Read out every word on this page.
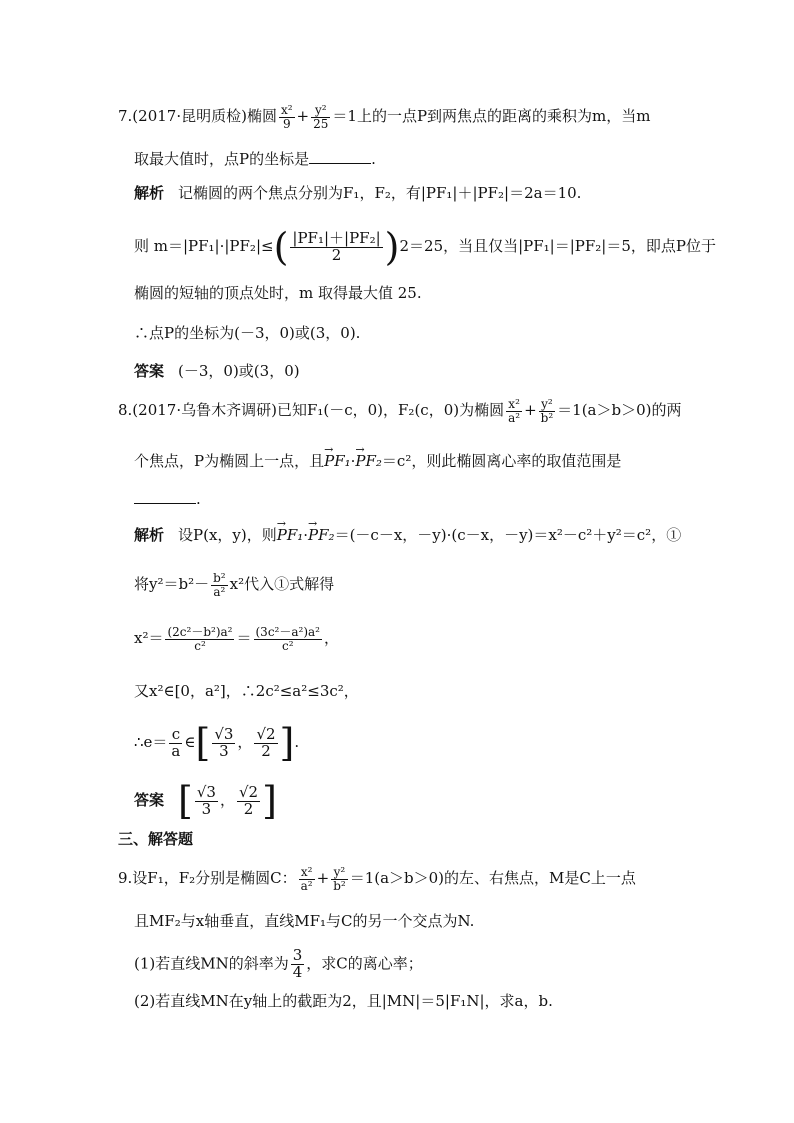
7.(2017·昆明质检)椭圆 $\frac{\text{x²}}{9} + \frac{\text{y²}}{25} =1$上的一点P到两焦点的距离的乘积为m，当m
取最大值时，点P的坐标是	.
解析 记椭圆的两个焦点分别为F₁，F₂，有|PF₁|＋|PF₂|＝2a＝10.
则 $m=|PF_1|\cdot|PF_2|\le( \frac{\text{|PF₁|＋|PF₂|}}{2} )2=25$，当且仅当|PF₁|＝|PF₂|＝5，即点P位于
椭圆的短轴的顶点处时，m 取得最大值 25.
∴点P的坐标为(－3，0)或(3，0).
答案 (－3，0)或(3，0)
8.(2017·乌鲁木齐调研)已知F₁(－c，0)，F₂(c，0)为椭圆 $\frac{\text{x²}}{\text{a²}} + \frac{\text{y²}}{\text{b²}} =1(a>b>0)$的两
个焦点，P为椭圆上一点，且→ PF₁·→ PF₂＝c²，则此椭圆离心率的取值范围是
.
解析 设P(x，y)，则→ PF₁·→ PF₂＝(－c－x，－y)·(c－x，－y)＝x²－c²＋y²＝c²，①
将$y^2=b^2- \frac{\text{b²}}{\text{a²}} x^2$代入①式解得
$x^2= \frac{\text{(2c²－b²)a²}}{\text{c²}} = \frac{\text{(3c²－a²)a²}}{\text{c²}}$ ，
又x²∈[0，a²]，∴2c²≤a²≤3c²，
∴e＝ $\frac{c}{a}$ ∈[ $\frac{√3}{3}$ ， $\frac{√2}{2}$ ].
答案 [ $\frac{√3}{3}$ ， $\frac{√2}{2}$ ]
三、解答题
9.设F₁，F₂分别是椭圆C： $\frac{\text{x²}}{\text{a²}} + \frac{\text{y²}}{\text{b²}} =1(a>b>0)$的左、右焦点，M是C上一点
且MF₂与x轴垂直，直线MF₁与C的另一个交点为N.
(1)若直线MN的斜率为 $\frac{3}{4}$ ，求C的离心率；
(2)若直线MN在y轴上的截距为2，且|MN|＝5|F₁N|，求a，b.
